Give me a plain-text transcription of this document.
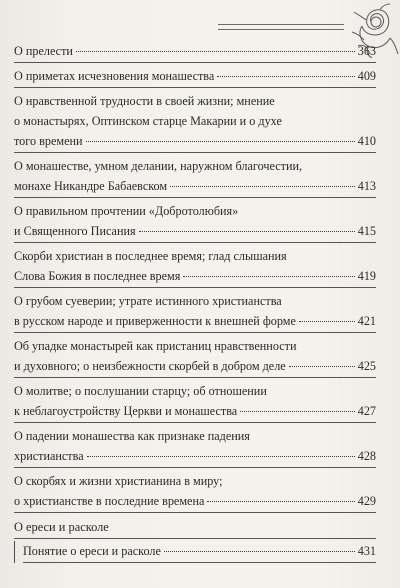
О прелести	363
О приметах исчезновения монашества	409
О нравственной трудности в своей жизни; мнение
о монастырях, Оптинском старце Макарии и о духе
того времени	410
О монашестве, умном делании, наружном благочестии,
монахе Никандре Бабаевском	413
О правильном прочтении «Добротолюбия»
и Священного Писания	415
Скорби христиан в последнее время; глад слышания
Слова Божия в последнее время	419
О грубом суеверии; утрате истинного христианства
в русском народе и приверженности к внешней форме	421
Об упадке монастырей как пристаниц нравственности
и духовного; о неизбежности скорбей в добром деле	425
О молитве; о послушании старцу; об отношении
к неблагоустройству Церкви и монашества	427
О падении монашества как признаке падения
христианства	428
О скорбях и жизни христианина в миру;
о христианстве в последние времена	429
О ереси и расколе
Понятие о ереси и расколе	431
